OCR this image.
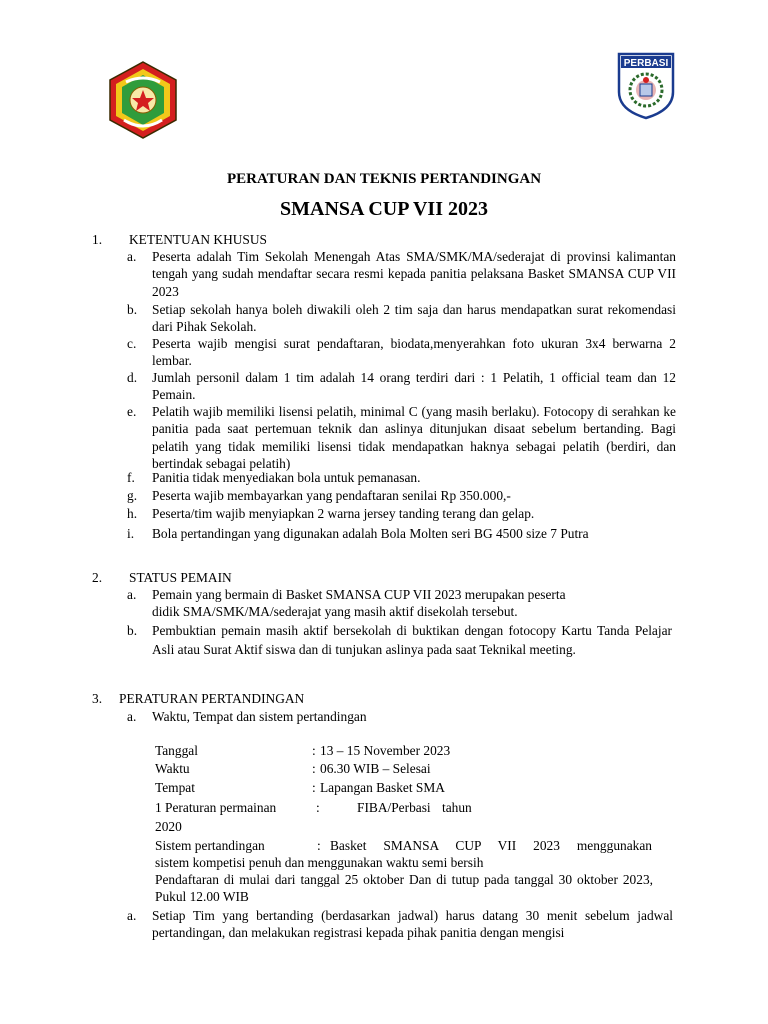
PERBASI
PERATURAN DAN TEKNIS PERTANDINGAN
SMANSA CUP VII 2023
1. KETENTUAN KHUSUS
a. Peserta adalah Tim Sekolah Menengah Atas SMA/SMK/MA/sederajat di provinsi kalimantan tengah yang sudah mendaftar secara resmi kepada panitia pelaksana Basket SMANSA CUP VII 2023
b. Setiap sekolah hanya boleh diwakili oleh 2 tim saja dan harus mendapatkan surat rekomendasi dari Pihak Sekolah.
c. Peserta wajib mengisi surat pendaftaran, biodata,menyerahkan foto ukuran 3x4 berwarna 2 lembar.
d. Jumlah personil dalam 1 tim adalah 14 orang terdiri dari : 1 Pelatih, 1 official team dan 12 Pemain.
e. Pelatih wajib memiliki lisensi pelatih, minimal C (yang masih berlaku). Fotocopy di serahkan ke panitia pada saat pertemuan teknik dan aslinya ditunjukan disaat sebelum bertanding. Bagi pelatih yang tidak memiliki lisensi tidak mendapatkan haknya sebagai pelatih (berdiri, dan bertindak sebagai pelatih)
f. Panitia tidak menyediakan bola untuk pemanasan.
g. Peserta wajib membayarkan yang pendaftaran senilai Rp 350.000,-
h. Peserta/tim wajib menyiapkan 2 warna jersey tanding terang dan gelap.
i. Bola pertandingan yang digunakan adalah Bola Molten seri BG 4500 size 7 Putra
2. STATUS PEMAIN
a. Pemain yang bermain di Basket SMANSA CUP VII 2023 merupakan peserta
didik SMA/SMK/MA/sederajat yang masih aktif disekolah tersebut.
b. Pembuktian pemain masih aktif bersekolah di buktikan dengan fotocopy Kartu Tanda Pelajar Asli atau Surat Aktif siswa dan di tunjukan aslinya pada saat Teknikal meeting.
3. PERATURAN PERTANDINGAN
a. Waktu, Tempat dan sistem pertandingan
Tanggal	: 13 – 15 November 2023
Waktu	: 06.30 WIB – Selesai
Tempat	: Lapangan Basket SMA
1 Peraturan permainan	:	FIBA/Perbasi tahun
2020
Sistem pertandingan	: Basket SMANSA CUP VII 2023 menggunakan
sistem kompetisi penuh dan menggunakan waktu semi bersih
Pendaftaran di mulai dari tanggal 25 oktober Dan di tutup pada tanggal 30 oktober 2023, Pukul 12.00 WIB
a. Setiap Tim yang bertanding (berdasarkan jadwal) harus datang 30 menit sebelum jadwal pertandingan, dan melakukan registrasi kepada pihak panitia dengan mengisi
